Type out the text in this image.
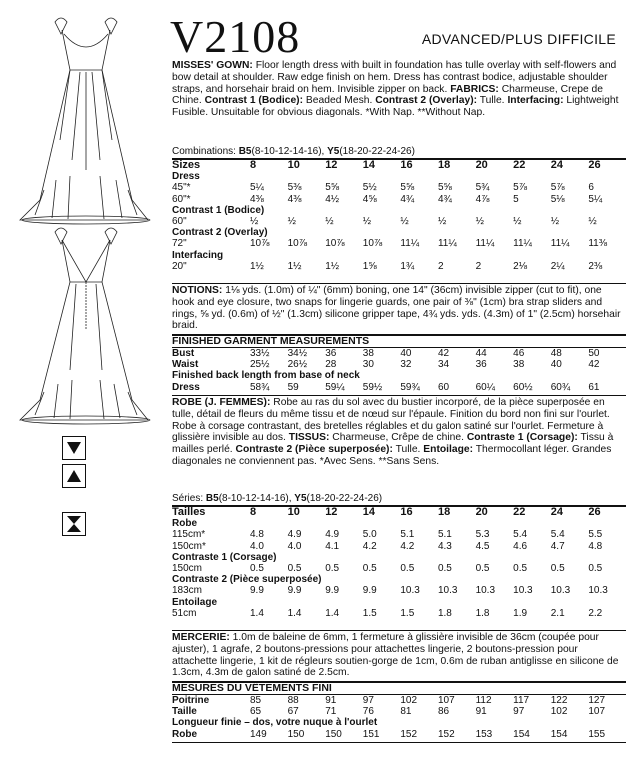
V2108	ADVANCED/PLUS DIFFICILE
MISSES' GOWN: Floor length dress with built in foundation has tulle overlay with self-flowers and bow detail at shoulder. Raw edge finish on hem. Dress has contrast bodice, adjustable shoulder straps, and horsehair braid on hem. Invisible zipper on back. FABRICS: Charmeuse, Crepe de Chine. Contrast 1 (Bodice): Beaded Mesh. Contrast 2 (Overlay): Tulle. Interfacing: Lightweight Fusible. Unsuitable for obvious diagonals. *With Nap. **Without Nap.
Combinations: B5(8-10-12-14-16), Y5(18-20-22-24-26)
Sizes	8	10	12	14	16	18	20	22	24	26
Dress										
45"*	5¼	5⅜	5⅝	5½	5⅝	5⅝	5¾	5⅞	5⅞	6
60"*	4⅜	4⅜	4½	4⅝	4¾	4¾	4⅞	5	5⅛	5¼
Contrast 1 (Bodice)										
60"	½	½	½	½	½	½	½	½	½	½
Contrast 2 (Overlay)										
72"	10⅞	10⅞	10⅞	10⅞	11¼	11¼	11¼	11¼	11¼	11⅜
Interfacing										
20"	1½	1½	1½	1⅝	1¾	2	2	2⅛	2¼	2⅜
NOTIONS: 1⅛ yds. (1.0m) of ¼" (6mm) boning, one 14" (36cm) invisible zipper (cut to fit), one hook and eye closure, two snaps for lingerie guards, one pair of ⅜" (1cm) bra strap sliders and rings, ⅝ yd. (0.6m) of ½" (1.3cm) silicone gripper tape, 4¾ yds. yds. (4.3m) of 1" (2.5cm) horsehair braid.
FINISHED GARMENT MEASUREMENTS
Bust	33½	34½	36	38	40	42	44	46	48	50
Waist	25½	26½	28	30	32	34	36	38	40	42
Finished back length from base of neck										
Dress	58¾	59	59¼	59½	59¾	60	60¼	60½	60¾	61
ROBE (J. FEMMES): Robe au ras du sol avec du bustier incorporé, de la pièce superposée en tulle, détail de fleurs du même tissu et de nœud sur l'épaule. Finition du bord non fini sur l'ourlet. Robe à corsage contrastant, des bretelles réglables et du galon satiné sur l'ourlet. Fermeture à glissière invisible au dos. TISSUS: Charmeuse, Crêpe de chine. Contraste 1 (Corsage): Tissu à mailles perlé. Contraste 2 (Pièce superposée): Tulle. Entoilage: Thermocollant léger. Grandes diagonales ne conviennent pas. *Avec Sens. **Sans Sens.
Séries: B5(8-10-12-14-16), Y5(18-20-22-24-26)
Tailles	8	10	12	14	16	18	20	22	24	26
Robe										
115cm*	4.8	4.9	4.9	5.0	5.1	5.1	5.3	5.4	5.4	5.5
150cm*	4.0	4.0	4.1	4.2	4.2	4.3	4.5	4.6	4.7	4.8
Contraste 1 (Corsage)										
150cm	0.5	0.5	0.5	0.5	0.5	0.5	0.5	0.5	0.5	0.5
Contraste 2 (Pièce superposée)										
183cm	9.9	9.9	9.9	9.9	10.3	10.3	10.3	10.3	10.3	10.3
Entoilage										
51cm	1.4	1.4	1.4	1.5	1.5	1.8	1.8	1.9	2.1	2.2
MERCERIE: 1.0m de baleine de 6mm, 1 fermeture à glissière invisible de 36cm (coupée pour ajuster), 1 agrafe, 2 boutons-pressions pour attachettes lingerie, 2 boutons-pression pour attachette lingerie, 1 kit de régleurs soutien-gorge de 1cm, 0.6m de ruban antiglisse en silicone de 1.3cm, 4.3m de galon satiné de 2.5cm.
MESURES DU VÊTEMENTS FINI
Poitrine	85	88	91	97	102	107	112	117	122	127
Taille	65	67	71	76	81	86	91	97	102	107
Longueur finie – dos, votre nuque à l'ourlet										
Robe	149	150	150	151	152	152	153	154	154	155
